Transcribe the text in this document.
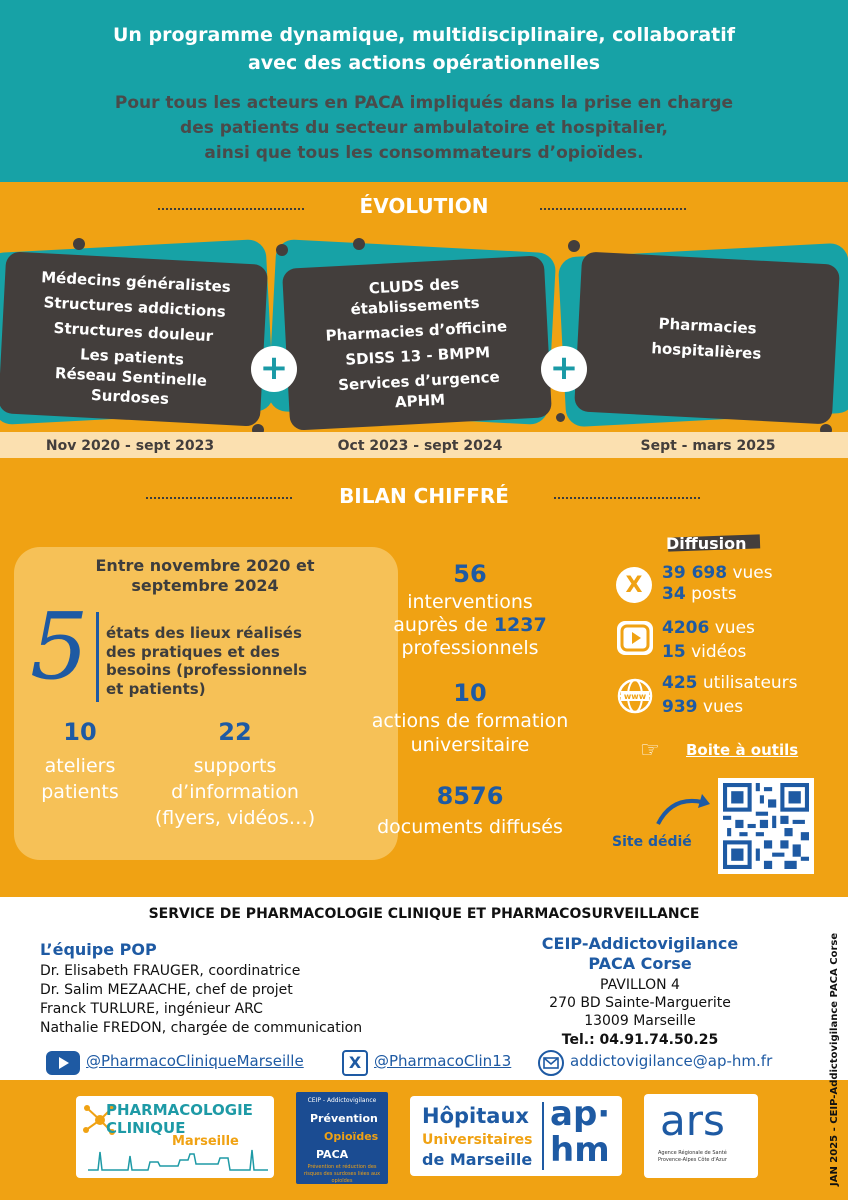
Un programme dynamique, multidisciplinaire, collaboratif
avec des actions opérationnelles
Pour tous les acteurs en PACA impliqués dans la prise en charge
des patients du secteur ambulatoire et hospitalier,
ainsi que tous les consommateurs d’opioïdes.
ÉVOLUTION
Médecins généralistes
Structures addictions
Structures douleur
Les patients
Réseau Sentinelle
Surdoses
CLUDS des
établissements
Pharmacies d’officine
SDISS 13 - BMPM
Services d’urgence
APHM
Pharmacies
hospitalières
+	+
Nov 2020 - sept 2023	Oct 2023 - sept 2024	Sept - mars 2025
BILAN CHIFFRÉ
Entre novembre 2020 et
septembre 2024
5 états des lieux réalisés
des pratiques et des
besoins (professionnels
et patients)
10
ateliers
patients
22
supports
d’information
(flyers, vidéos…)
56
interventions
auprès de 1237
professionnels
10
actions de formation
universitaire
8576
documents diffusés
Diffusion
X	39 698 vues
34 posts
4206 vues
15 vidéos
www
425 utilisateurs
939 vues
☞ Boite à outils
Site dédié
SERVICE DE PHARMACOLOGIE CLINIQUE ET PHARMACOSURVEILLANCE
L’équipe POP
Dr. Elisabeth FRAUGER, coordinatrice
Dr. Salim MEZAACHE, chef de projet
Franck TURLURE, ingénieur ARC
Nathalie FREDON, chargée de communication
CEIP-Addictovigilance
PACA Corse
PAVILLON 4
270 BD Sainte-Marguerite
13009 Marseille
Tel.: 04.91.74.50.25
@PharmacoCliniqueMarseille	X @PharmacoClin13	addictovigilance@ap-hm.fr
PHARMACOLOGIE
CLINIQUE
Marseille
CEIP - Addictovigilance
Prévention
Opioïdes
PACA
Prévention et réduction des risques des surdoses liées aux opioïdes
Hôpitaux
Universitaires
de Marseille
ap·
hm
ars
Agence Régionale de Santé Provence-Alpes Côte d'Azur	JAN 2025 - CEIP-Addictovigilance PACA Corse
